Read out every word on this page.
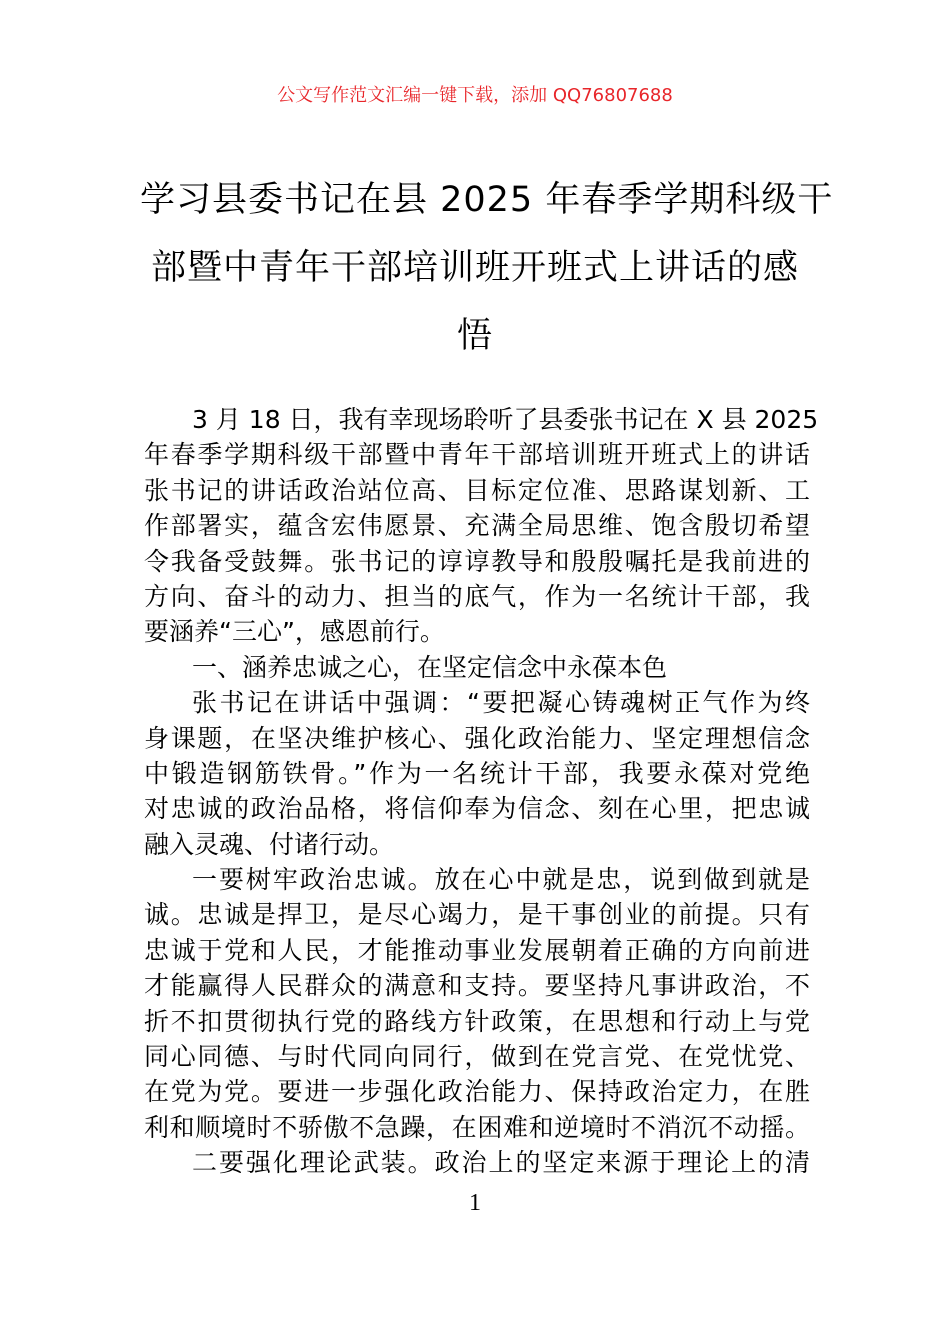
公文写作范文汇编一键下载，添加 QQ76807688
学习县委书记在县 2025 年春季学期科级干
部暨中青年干部培训班开班式上讲话的感
悟
3 月 18 日，我有幸现场聆听了县委张书记在 X 县 2025
年春季学期科级干部暨中青年干部培训班开班式上的讲话
张书记的讲话政治站位高、目标定位准、思路谋划新、工
作部署实，蕴含宏伟愿景、充满全局思维、饱含殷切希望
令我备受鼓舞。张书记的谆谆教导和殷殷嘱托是我前进的
方向、奋斗的动力、担当的底气，作为一名统计干部，我
要涵养“三心”，感恩前行。
一、涵养忠诚之心，在坚定信念中永葆本色
张书记在讲话中强调：“要把凝心铸魂树正气作为终
身课题，在坚决维护核心、强化政治能力、坚定理想信念
中锻造钢筋铁骨。”作为一名统计干部，我要永葆对党绝
对忠诚的政治品格，将信仰奉为信念、刻在心里，把忠诚
融入灵魂、付诸行动。
一要树牢政治忠诚。放在心中就是忠，说到做到就是
诚。忠诚是捍卫，是尽心竭力，是干事创业的前提。只有
忠诚于党和人民，才能推动事业发展朝着正确的方向前进
才能赢得人民群众的满意和支持。要坚持凡事讲政治，不
折不扣贯彻执行党的路线方针政策，在思想和行动上与党
同心同德、与时代同向同行，做到在党言党、在党忧党、
在党为党。要进一步强化政治能力、保持政治定力，在胜
利和顺境时不骄傲不急躁，在困难和逆境时不消沉不动摇。
二要强化理论武装。政治上的坚定来源于理论上的清
1
